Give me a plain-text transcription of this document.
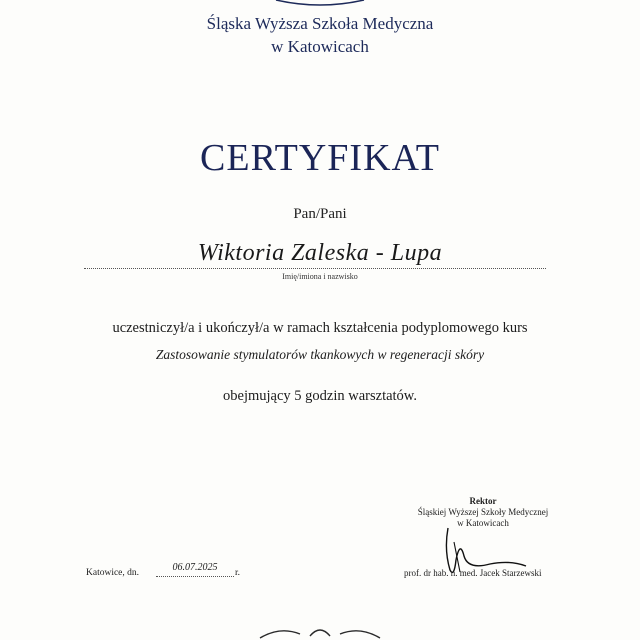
Śląska Wyższa Szkoła Medyczna
w Katowicach
CERTYFIKAT
Pan/Pani
Wiktoria Zaleska - Lupa
Imię/imiona i nazwisko
uczestniczył/a i ukończył/a w ramach kształcenia podyplomowego kurs
Zastosowanie stymulatorów tkankowych w regeneracji skóry
obejmujący 5 godzin warsztatów.
Rektor
Śląskiej Wyższej Szkoły Medycznej
w Katowicach
prof. dr hab. n. med. Jacek Starzewski
Katowice, dn.	06.07.2025	r.
